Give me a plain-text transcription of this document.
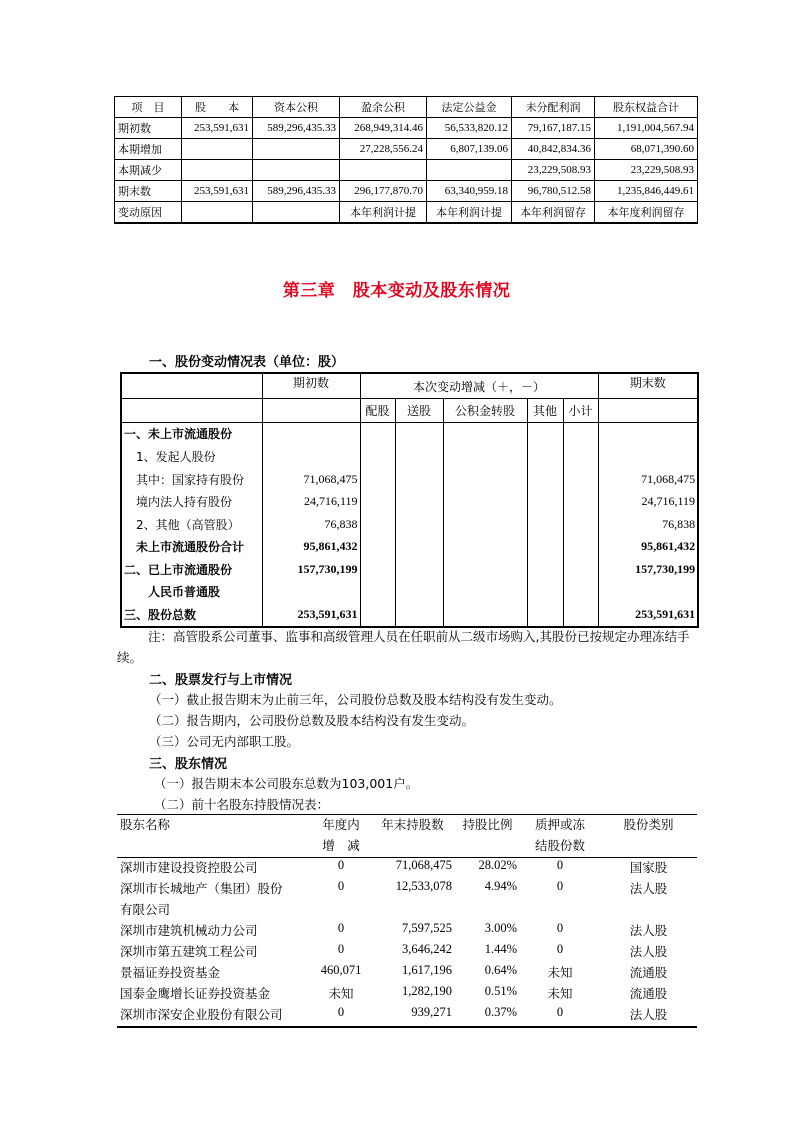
项　目	股　　本	资本公积	盈余公积	法定公益金	未分配利润	股东权益合计
期初数	253,591,631	589,296,435.33	268,949,314.46	56,533,820.12	79,167,187.15	1,191,004,567.94
本期增加			27,228,556.24	6,807,139.06	40,842,834.36	68,071,390.60
本期减少					23,229,508.93	23,229,508.93
期末数	253,591,631	589,296,435.33	296,177,870.70	63,340,959.18	96,780,512.58	1,235,846,449.61
变动原因			本年利润计提	本年利润计提	本年利润留存	本年度利润留存
第三章　股本变动及股东情况
一、股份变动情况表（单位：股）
	期初数	本次变动增减（＋，－）					期末数
		配股	送股	公积金转股	其他	小计	
一、未上市流通股份							
　1、发起人股份							
　其中：国家持有股份	71,068,475						71,068,475
　境内法人持有股份	24,716,119						24,716,119
　2、其他（高管股）	76,838						76,838
　未上市流通股份合计	95,861,432						95,861,432
二、已上市流通股份	157,730,199						157,730,199
　　人民币普通股							
三、股份总数	253,591,631						253,591,631
注：高管股系公司董事、监事和高级管理人员在任职前从二级市场购入,其股份已按规定办理冻结手续。
二、股票发行与上市情况
（一）截止报告期末为止前三年，公司股份总数及股本结构没有发生变动。
（二）报告期内，公司股份总数及股本结构没有发生变动。
（三）公司无内部职工股。
三、股东情况
（一）报告期末本公司股东总数为103,001户。
（二）前十名股东持股情况表：
股东名称	年度内	年末持股数	持股比例	质押或冻	股份类别
	增　减			结股份数	
深圳市建设投资控股公司	0	71,068,475	28.02%	0	国家股
深圳市长城地产（集团）股份	0	12,533,078	4.94%	0	法人股
有限公司					
深圳市建筑机械动力公司	0	7,597,525	3.00%	0	法人股
深圳市第五建筑工程公司	0	3,646,242	1.44%	0	法人股
景福证券投资基金	460,071	1,617,196	0.64%	未知	流通股
国泰金鹰增长证券投资基金	未知	1,282,190	0.51%	未知	流通股
深圳市深安企业股份有限公司	0	939,271	0.37%	0	法人股
